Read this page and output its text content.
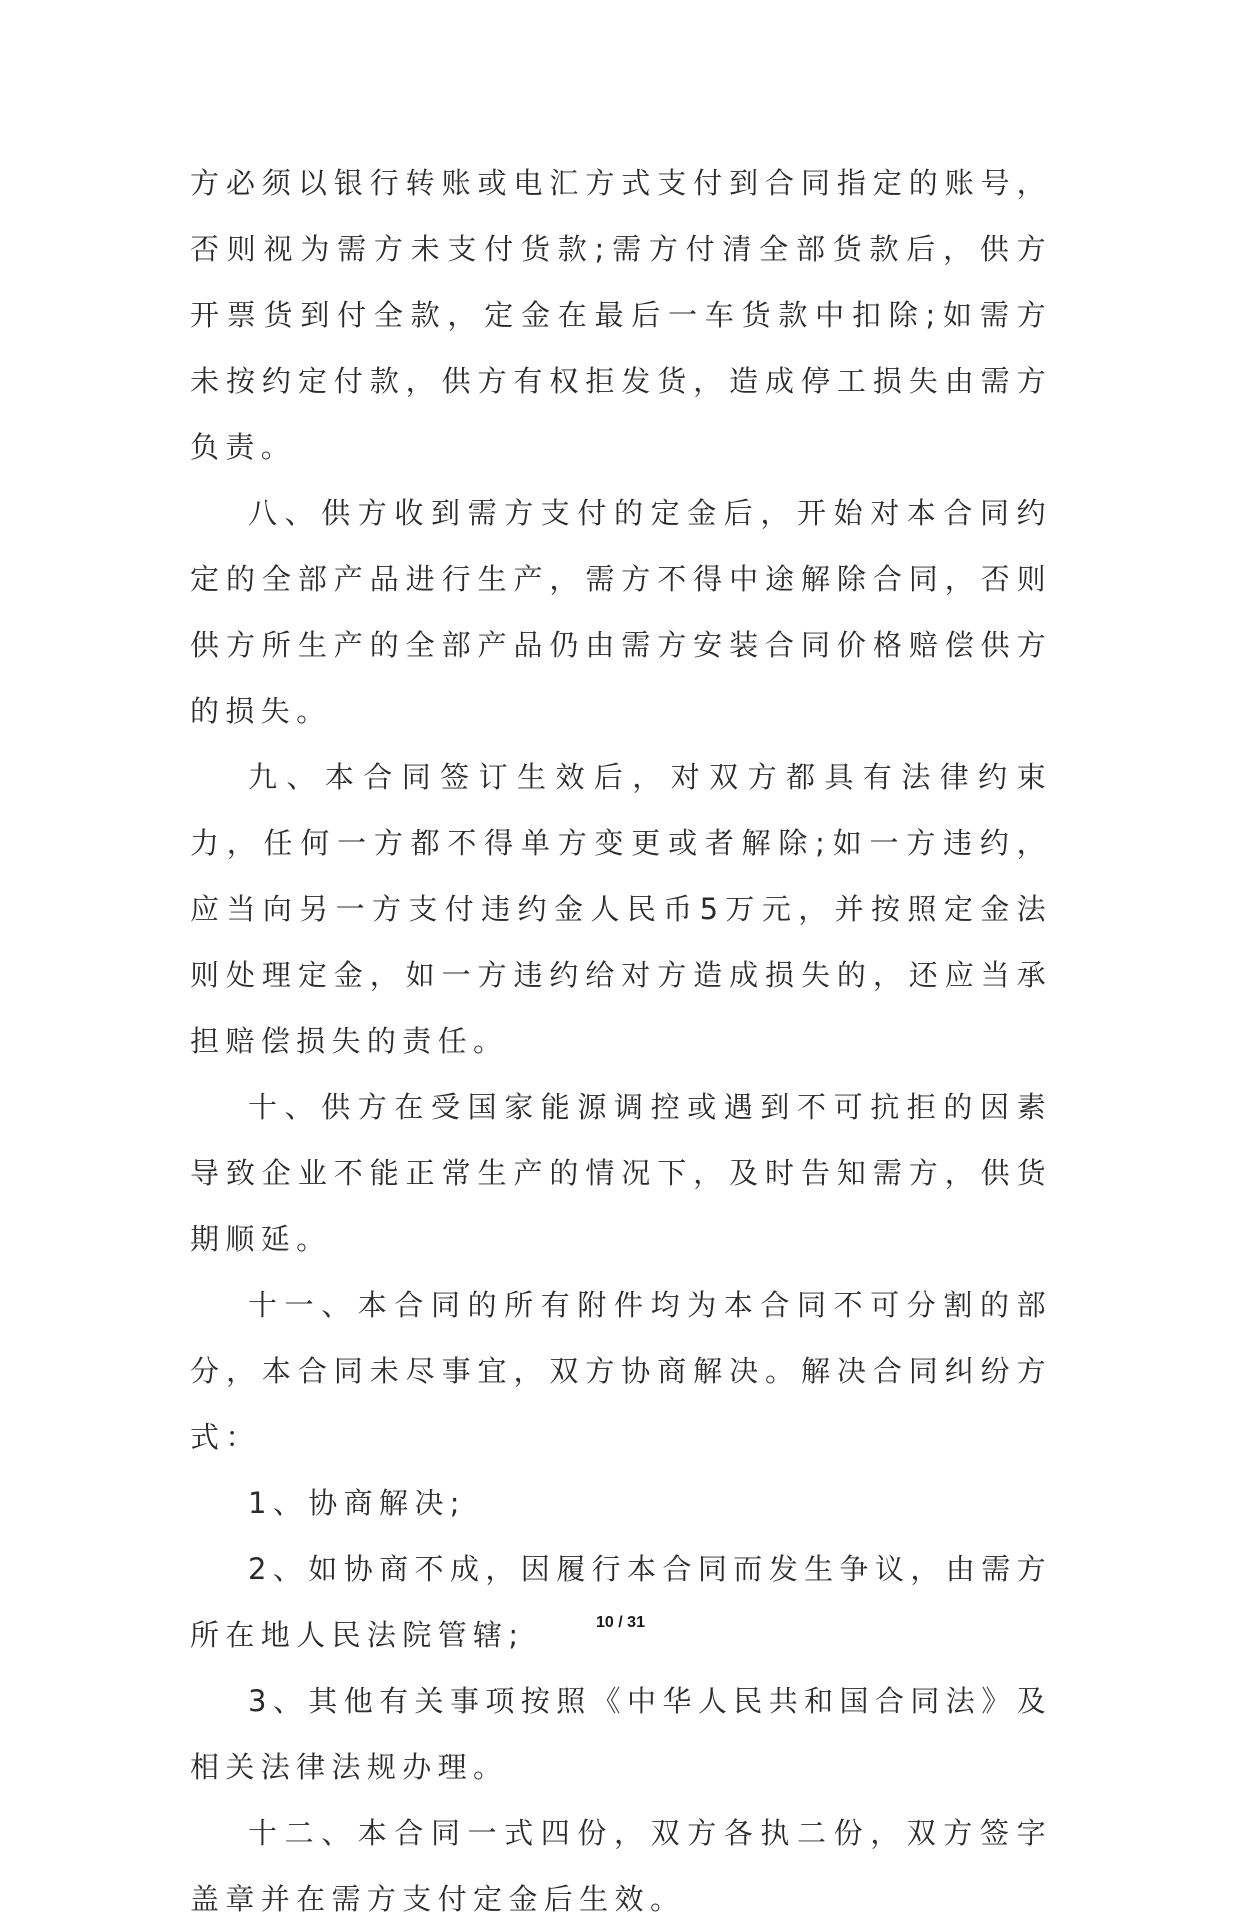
方必须以银行转账或电汇方式支付到合同指定的账号，否则视为需方未支付货款;需方付清全部货款后，供方开票货到付全款，定金在最后一车货款中扣除;如需方未按约定付款，供方有权拒发货，造成停工损失由需方负责。

八、供方收到需方支付的定金后，开始对本合同约定的全部产品进行生产，需方不得中途解除合同，否则供方所生产的全部产品仍由需方安装合同价格赔偿供方的损失。

九、本合同签订生效后，对双方都具有法律约束力，任何一方都不得单方变更或者解除;如一方违约，应当向另一方支付违约金人民币5万元，并按照定金法则处理定金，如一方违约给对方造成损失的，还应当承担赔偿损失的责任。

十、供方在受国家能源调控或遇到不可抗拒的因素导致企业不能正常生产的情况下，及时告知需方，供货期顺延。

十一、本合同的所有附件均为本合同不可分割的部分，本合同未尽事宜，双方协商解决。解决合同纠纷方式：

1、协商解决;

2、如协商不成，因履行本合同而发生争议，由需方所在地人民法院管辖;

3、其他有关事项按照《中华人民共和国合同法》及相关法律法规办理。

十二、本合同一式四份，双方各执二份，双方签字盖章并在需方支付定金后生效。

10 / 31
